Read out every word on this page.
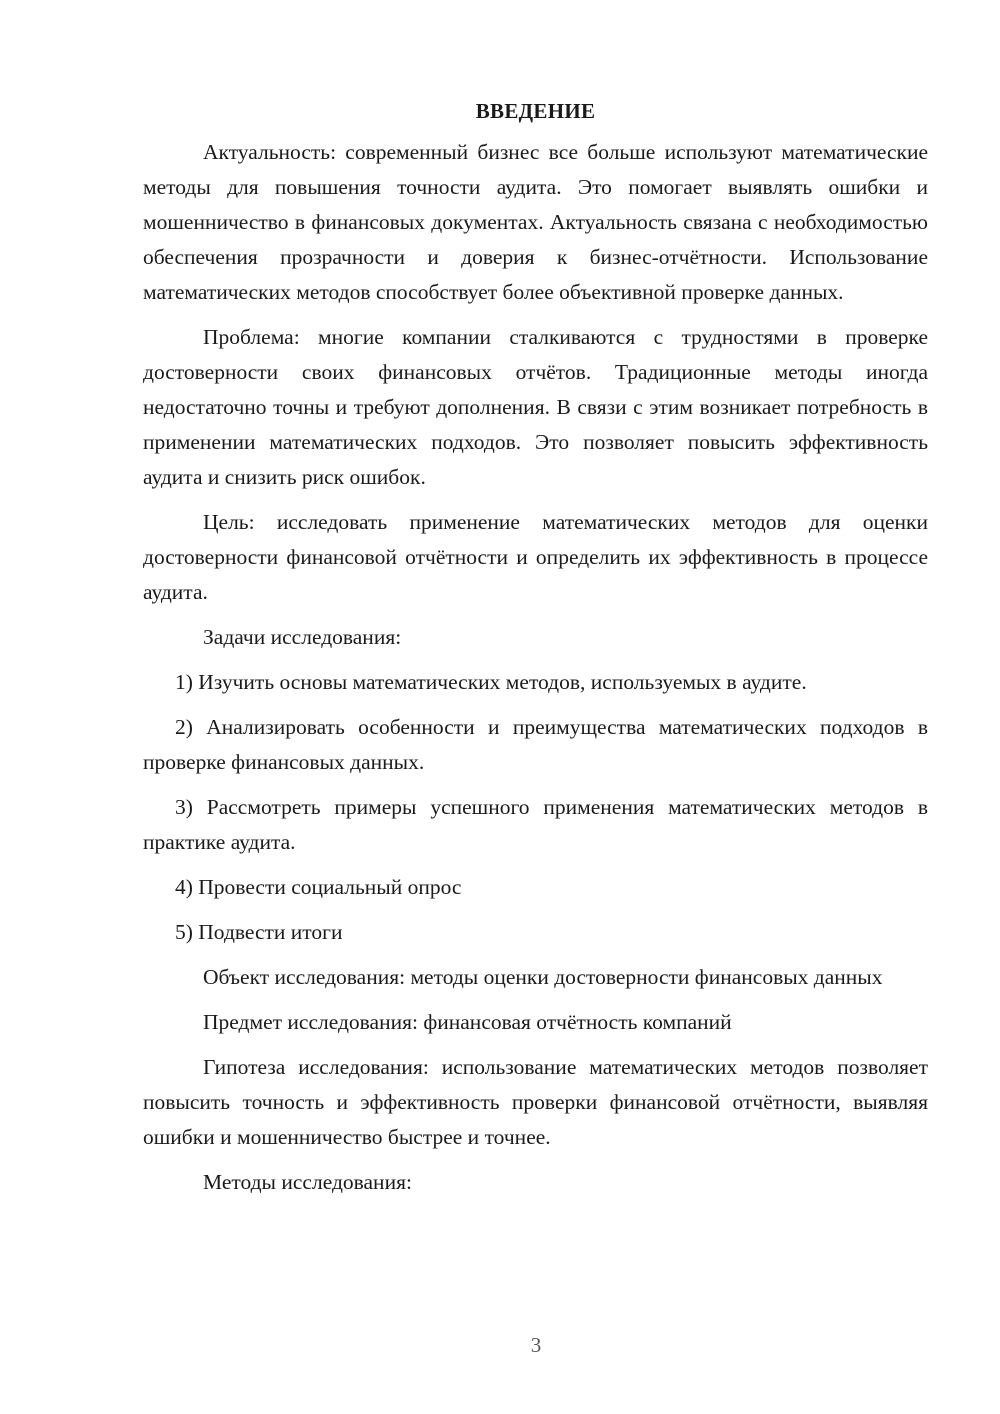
ВВЕДЕНИЕ

Актуальность: современный бизнес все больше используют математические методы для повышения точности аудита. Это помогает выявлять ошибки и мошенничество в финансовых документах. Актуальность связана с необходимостью обеспечения прозрачности и доверия к бизнес-отчётности. Использование математических методов способствует более объективной проверке данных.

Проблема: многие компании сталкиваются с трудностями в проверке достоверности своих финансовых отчётов. Традиционные методы иногда недостаточно точны и требуют дополнения. В связи с этим возникает потребность в применении математических подходов. Это позволяет повысить эффективность аудита и снизить риск ошибок.

Цель: исследовать применение математических методов для оценки достоверности финансовой отчётности и определить их эффективность в процессе аудита.

Задачи исследования:

1) Изучить основы математических методов, используемых в аудите.

2) Анализировать особенности и преимущества математических подходов в проверке финансовых данных.

3) Рассмотреть примеры успешного применения математических методов в практике аудита.

4) Провести социальный опрос

5) Подвести итоги

Объект исследования: методы оценки достоверности финансовых данных

Предмет исследования: финансовая отчётность компаний

Гипотеза исследования: использование математических методов позволяет повысить точность и эффективность проверки финансовой отчётности, выявляя ошибки и мошенничество быстрее и точнее.

Методы исследования:

3
